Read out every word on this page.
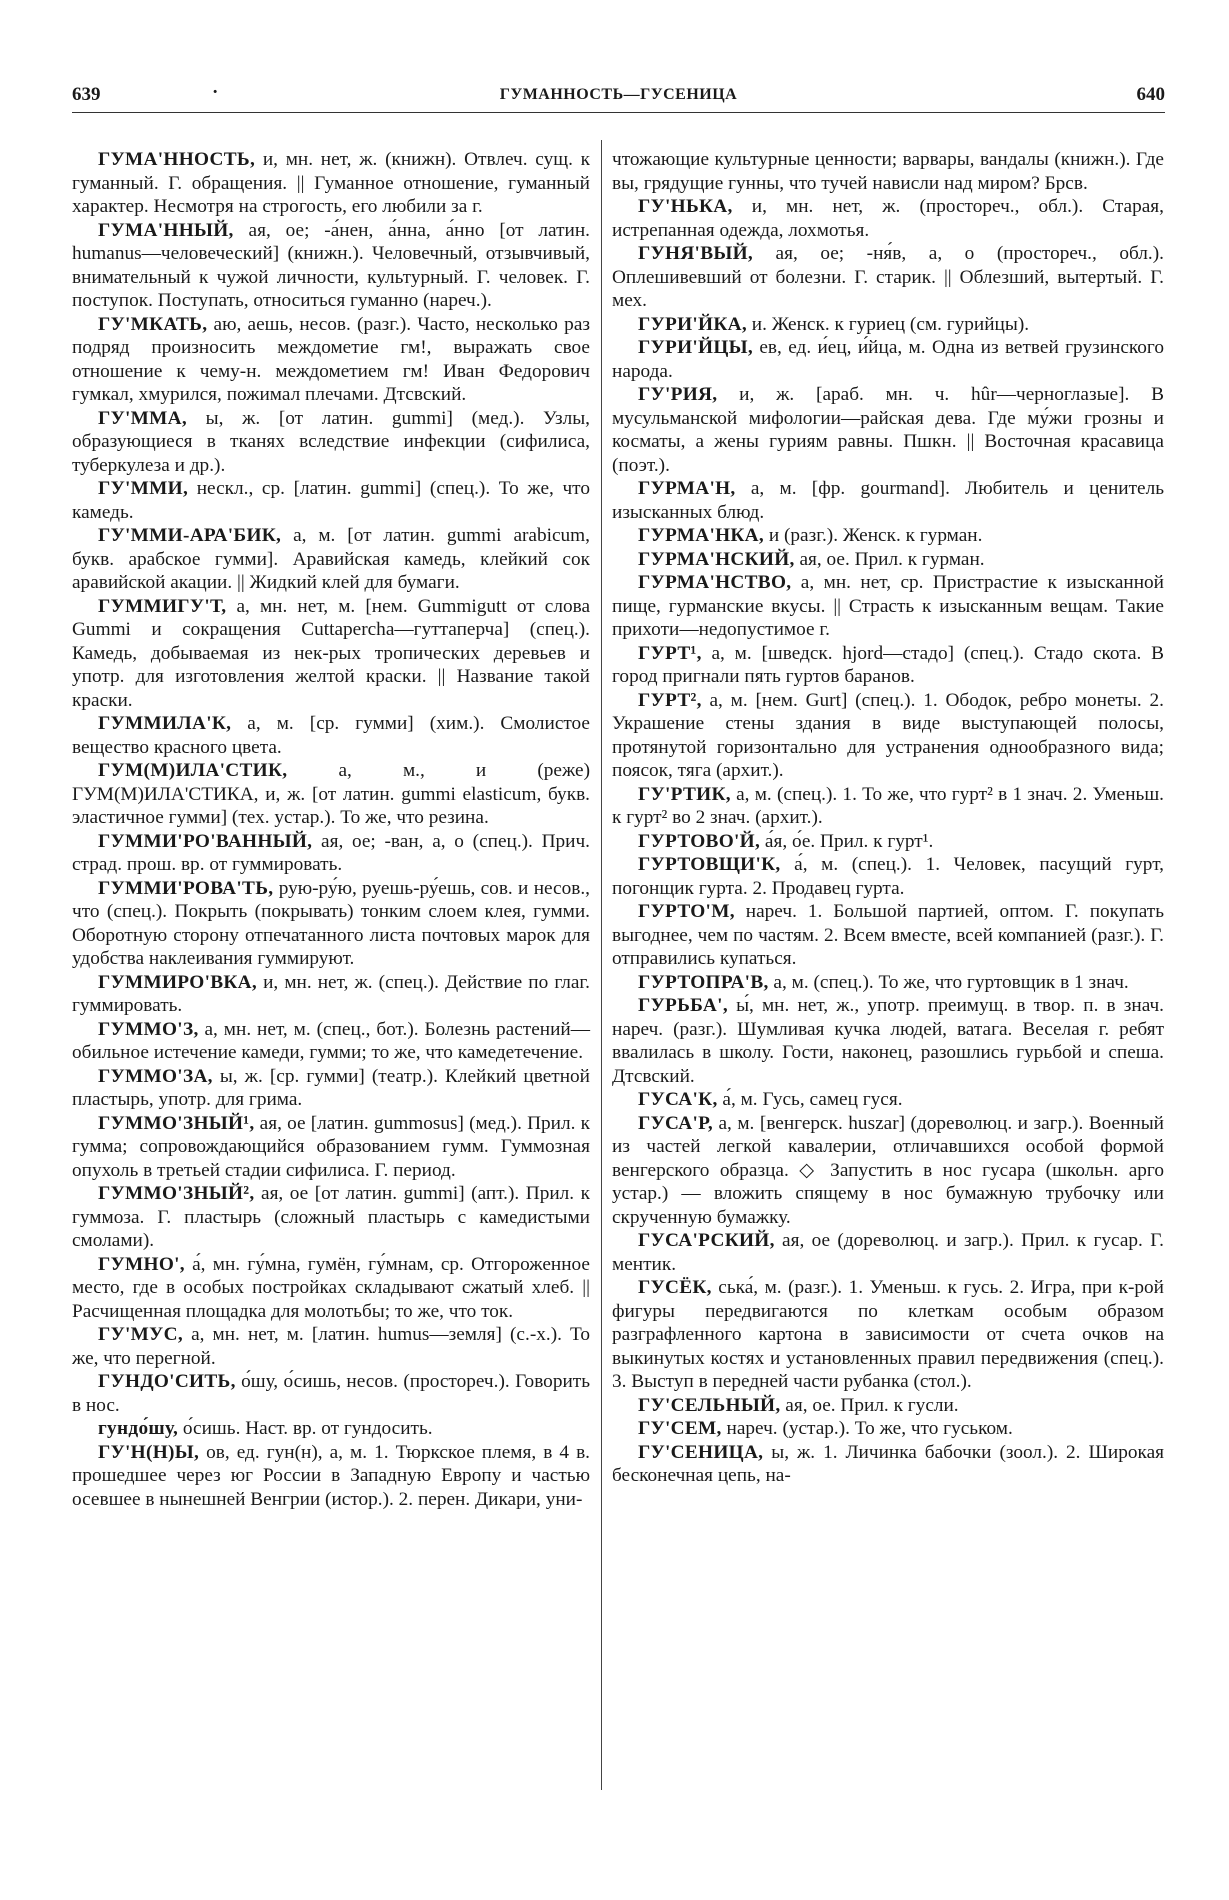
639	·	ГУМАННОСТЬ—ГУСЕНИЦА	640

ГУМА'ННОСТЬ, и, мн. нет, ж. (книжн). Отвлеч. сущ. к гуманный. Г. обращения. || Гуманное отношение, гуманный характер. Несмотря на строгость, его любили за г.

ГУМА'ННЫЙ, ая, ое; -а́нен, а́нна, а́нно [от латин. humanus—человеческий] (книжн.). Человечный, отзывчивый, внимательный к чужой личности, культурный. Г. человек. Г. поступок. Поступать, относиться гуманно (нареч.).

ГУ'МКАТЬ, аю, аешь, несов. (разг.). Часто, несколько раз подряд произносить междометие гм!, выражать свое отношение к чему-н. междометием гм! Иван Федорович гумкал, хмурился, пожимал плечами. Дтсвский.

ГУ'ММА, ы, ж. [от латин. gummi] (мед.). Узлы, образующиеся в тканях вследствие инфекции (сифилиса, туберкулеза и др.).

ГУ'ММИ, нескл., ср. [латин. gummi] (спец.). То же, что камедь.

ГУ'ММИ-АРА'БИК, а, м. [от латин. gummi arabicum, букв. арабское гумми]. Аравийская камедь, клейкий сок аравийской акации. || Жидкий клей для бумаги.

ГУММИГУ'Т, а, мн. нет, м. [нем. Gummigutt от слова Gummi и сокращения Cuttapercha—гуттаперча] (спец.). Камедь, добываемая из нек-рых тропических деревьев и употр. для изготовления желтой краски. || Название такой краски.

ГУММИЛА'К, а, м. [ср. гумми] (хим.). Смолистое вещество красного цвета.

ГУМ(М)ИЛА'СТИК, а, м., и (реже) ГУМ(М)ИЛА'СТИКА, и, ж. [от латин. gummi elasticum, букв. эластичное гумми] (тех. устар.). То же, что резина.

ГУММИ'РО'ВАННЫЙ, ая, ое; -ван, а, о (спец.). Прич. страд. прош. вр. от гуммировать.

ГУММИ'РОВА'ТЬ, рую-ру́ю, руешь-ру́ешь, сов. и несов., что (спец.). Покрыть (покрывать) тонким слоем клея, гумми. Оборотную сторону отпечатанного листа почтовых марок для удобства наклеивания гуммируют.

ГУММИРО'ВКА, и, мн. нет, ж. (спец.). Действие по глаг. гуммировать.

ГУММО'З, а, мн. нет, м. (спец., бот.). Болезнь растений—обильное истечение камеди, гумми; то же, что камедетечение.

ГУММО'ЗА, ы, ж. [ср. гумми] (театр.). Клейкий цветной пластырь, употр. для грима.

ГУММО'ЗНЫЙ¹, ая, ое [латин. gummosus] (мед.). Прил. к гумма; сопровождающийся образованием гумм. Гуммозная опухоль в третьей стадии сифилиса. Г. период.

ГУММО'ЗНЫЙ², ая, ое [от латин. gummi] (апт.). Прил. к гуммоза. Г. пластырь (сложный пластырь с камедистыми смолами).

ГУМНО', а́, мн. гу́мна, гумён, гу́мнам, ср. Отгороженное место, где в особых постройках складывают сжатый хлеб. || Расчищенная площадка для молотьбы; то же, что ток.

ГУ'МУС, а, мн. нет, м. [латин. humus—земля] (с.-х.). То же, что перегной.

ГУНДО'СИТЬ, о́шу, о́сишь, несов. (простореч.). Говорить в нос.

гундо́шу, о́сишь. Наст. вр. от гундосить.

ГУ'Н(Н)Ы, ов, ед. гун(н), а, м. 1. Тюркское племя, в 4 в. прошедшее через юг России в Западную Европу и частью осевшее в нынешней Венгрии (истор.). 2. перен. Дикари, уни-

чтожающие культурные ценности; варвары, вандалы (книжн.). Где вы, грядущие гунны, что тучей нависли над миром? Брсв.

ГУ'НЬКА, и, мн. нет, ж. (простореч., обл.). Старая, истрепанная одежда, лохмотья.

ГУНЯ'ВЫЙ, ая, ое; -ня́в, а, о (простореч., обл.). Оплешивевший от болезни. Г. старик. || Облезший, вытертый. Г. мех.

ГУРИ'ЙКА, и. Женск. к гуриец (см. гурийцы).

ГУРИ'ЙЦЫ, ев, ед. и́ец, и́йца, м. Одна из ветвей грузинского народа.

ГУ'РИЯ, и, ж. [араб. мн. ч. hûr—черноглазые]. В мусульманской мифологии—райская дева. Где му́жи грозны и косматы, а жены гуриям равны. Пшкн. || Восточная красавица (поэт.).

ГУРМА'Н, а, м. [фр. gourmand]. Любитель и ценитель изысканных блюд.

ГУРМА'НКА, и (разг.). Женск. к гурман.

ГУРМА'НСКИЙ, ая, ое. Прил. к гурман.

ГУРМА'НСТВО, а, мн. нет, ср. Пристрастие к изысканной пище, гурманские вкусы. || Страсть к изысканным вещам. Такие прихоти—недопустимое г.

ГУРТ¹, а, м. [шведск. hjord—стадо] (спец.). Стадо скота. В город пригнали пять гуртов баранов.

ГУРТ², а, м. [нем. Gurt] (спец.). 1. Ободок, ребро монеты. 2. Украшение стены здания в виде выступающей полосы, протянутой горизонтально для устранения однообразного вида; поясок, тяга (архит.).

ГУ'РТИК, а, м. (спец.). 1. То же, что гурт² в 1 знач. 2. Уменьш. к гурт² во 2 знач. (архит.).

ГУРТОВО'Й, а́я, о́е. Прил. к гурт¹.

ГУРТОВЩИ'К, а́, м. (спец.). 1. Человек, пасущий гурт, погонщик гурта. 2. Продавец гурта.

ГУРТО'М, нареч. 1. Большой партией, оптом. Г. покупать выгоднее, чем по частям. 2. Всем вместе, всей компанией (разг.). Г. отправились купаться.

ГУРТОПРА'В, а, м. (спец.). То же, что гуртовщик в 1 знач.

ГУРЬБА', ы́, мн. нет, ж., употр. преимущ. в твор. п. в знач. нареч. (разг.). Шумливая кучка людей, ватага. Веселая г. ребят ввалилась в школу. Гости, наконец, разошлись гурьбой и спеша. Дтсвский.

ГУСА'К, а́, м. Гусь, самец гуся.

ГУСА'Р, а, м. [венгерск. huszar] (дореволюц. и загр.). Военный из частей легкой кавалерии, отличавшихся особой формой венгерского образца. ◇ Запустить в нос гусара (школьн. арго устар.) — вложить спящему в нос бумажную трубочку или скрученную бумажку.

ГУСА'РСКИЙ, ая, ое (дореволюц. и загр.). Прил. к гусар. Г. ментик.

ГУСЁК, ська́, м. (разг.). 1. Уменьш. к гусь. 2. Игра, при к-рой фигуры передвигаются по клеткам особым образом разграфленного картона в зависимости от счета очков на выкинутых костях и установленных правил передвижения (спец.). 3. Выступ в передней части рубанка (стол.).

ГУ'СЕЛЬНЫЙ, ая, ое. Прил. к гусли.

ГУ'СЕМ, нареч. (устар.). То же, что гуськом.

ГУ'СЕНИЦА, ы, ж. 1. Личинка бабочки (зоол.). 2. Широкая бесконечная цепь, на-
